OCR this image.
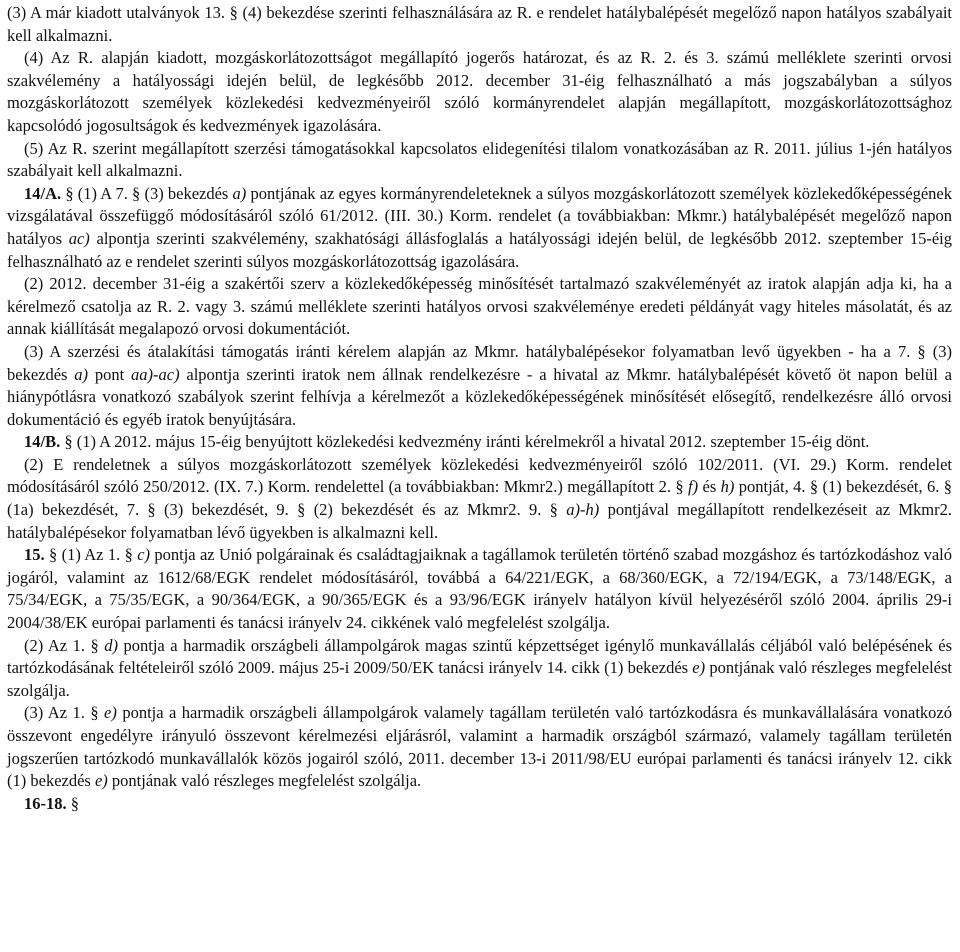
(3) A már kiadott utalványok 13. § (4) bekezdése szerinti felhasználására az R. e rendelet hatálybalépését megelőző napon hatályos szabályait kell alkalmazni.

(4) Az R. alapján kiadott, mozgáskorlátozottságot megállapító jogerős határozat, és az R. 2. és 3. számú melléklete szerinti orvosi szakvélemény a hatályossági idején belül, de legkésőbb 2012. december 31-éig felhasználható a más jogszabályban a súlyos mozgáskorlátozott személyek közlekedési kedvezményeiről szóló kormányrendelet alapján megállapított, mozgáskorlátozottsághoz kapcsolódó jogosultságok és kedvezmények igazolására.

(5) Az R. szerint megállapított szerzési támogatásokkal kapcsolatos elidegenítési tilalom vonatkozásában az R. 2011. július 1-jén hatályos szabályait kell alkalmazni.

14/A. § (1) A 7. § (3) bekezdés a) pontjának az egyes kormányrendeleteknek a súlyos mozgáskorlátozott személyek közlekedőképességének vizsgálatával összefüggő módosításáról szóló 61/2012. (III. 30.) Korm. rendelet (a továbbiakban: Mkmr.) hatálybalépését megelőző napon hatályos ac) alpontja szerinti szakvélemény, szakhatósági állásfoglalás a hatályossági idején belül, de legkésőbb 2012. szeptember 15-éig felhasználható az e rendelet szerinti súlyos mozgáskorlátozottság igazolására.

(2) 2012. december 31-éig a szakértői szerv a közlekedőképesség minősítését tartalmazó szakvéleményét az iratok alapján adja ki, ha a kérelmező csatolja az R. 2. vagy 3. számú melléklete szerinti hatályos orvosi szakvéleménye eredeti példányát vagy hiteles másolatát, és az annak kiállítását megalapozó orvosi dokumentációt.

(3) A szerzési és átalakítási támogatás iránti kérelem alapján az Mkmr. hatálybalépésekor folyamatban levő ügyekben - ha a 7. § (3) bekezdés a) pont aa)-ac) alpontja szerinti iratok nem állnak rendelkezésre - a hivatal az Mkmr. hatálybalépését követő öt napon belül a hiánypótlásra vonatkozó szabályok szerint felhívja a kérelmezőt a közlekedőképességének minősítését elősegítő, rendelkezésre álló orvosi dokumentáció és egyéb iratok benyújtására.

14/B. § (1) A 2012. május 15-éig benyújtott közlekedési kedvezmény iránti kérelmekről a hivatal 2012. szeptember 15-éig dönt.

(2) E rendeletnek a súlyos mozgáskorlátozott személyek közlekedési kedvezményeiről szóló 102/2011. (VI. 29.) Korm. rendelet módosításáról szóló 250/2012. (IX. 7.) Korm. rendelettel (a továbbiakban: Mkmr2.) megállapított 2. § f) és h) pontját, 4. § (1) bekezdését, 6. § (1a) bekezdését, 7. § (3) bekezdését, 9. § (2) bekezdését és az Mkmr2. 9. § a)-h) pontjával megállapított rendelkezéseit az Mkmr2. hatálybalépésekor folyamatban lévő ügyekben is alkalmazni kell.

15. § (1) Az 1. § c) pontja az Unió polgárainak és családtagjaiknak a tagállamok területén történő szabad mozgáshoz és tartózkodáshoz való jogáról, valamint az 1612/68/EGK rendelet módosításáról, továbbá a 64/221/EGK, a 68/360/EGK, a 72/194/EGK, a 73/148/EGK, a 75/34/EGK, a 75/35/EGK, a 90/364/EGK, a 90/365/EGK és a 93/96/EGK irányelv hatályon kívül helyezéséről szóló 2004. április 29-i 2004/38/EK európai parlamenti és tanácsi irányelv 24. cikkének való megfelelést szolgálja.

(2) Az 1. § d) pontja a harmadik országbeli állampolgárok magas szintű képzettséget igénylő munkavállalás céljából való belépésének és tartózkodásának feltételeiről szóló 2009. május 25-i 2009/50/EK tanácsi irányelv 14. cikk (1) bekezdés e) pontjának való részleges megfelelést szolgálja.

(3) Az 1. § e) pontja a harmadik országbeli állampolgárok valamely tagállam területén való tartózkodásra és munkavállalására vonatkozó összevont engedélyre irányuló összevont kérelmezési eljárásról, valamint a harmadik országból származó, valamely tagállam területén jogszerűen tartózkodó munkavállalók közös jogairól szóló, 2011. december 13-i 2011/98/EU európai parlamenti és tanácsi irányelv 12. cikk (1) bekezdés e) pontjának való részleges megfelelést szolgálja.

16-18. §
